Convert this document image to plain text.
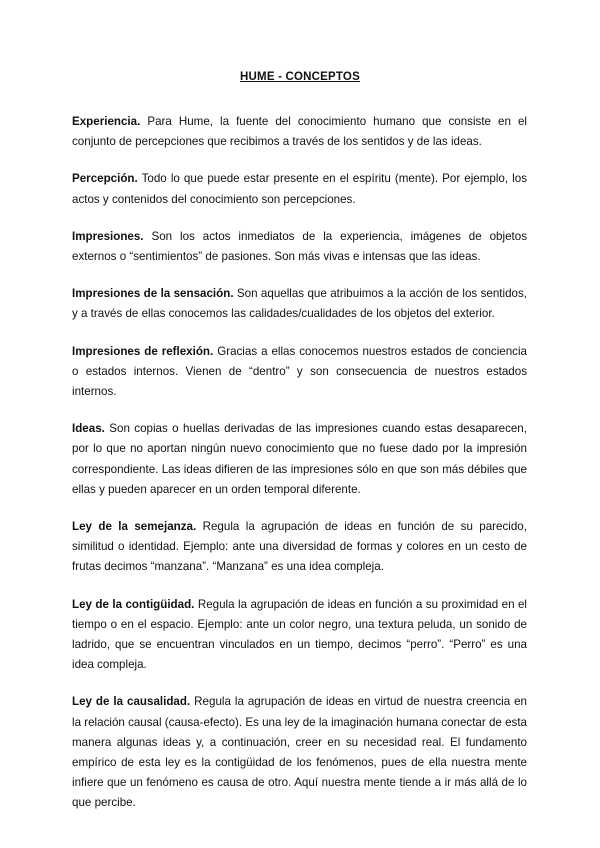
HUME - CONCEPTOS

Experiencia. Para Hume, la fuente del conocimiento humano que consiste en el conjunto de percepciones que recibimos a través de los sentidos y de las ideas.

Percepción. Todo lo que puede estar presente en el espíritu (mente). Por ejemplo, los actos y contenidos del conocimiento son percepciones.

Impresiones. Son los actos inmediatos de la experiencia, imágenes de objetos externos o “sentimientos” de pasiones. Son más vivas e intensas que las ideas.

Impresiones de la sensación. Son aquellas que atribuimos a la acción de los sentidos, y a través de ellas conocemos las calidades/cualidades de los objetos del exterior.

Impresiones de reflexión. Gracias a ellas conocemos nuestros estados de conciencia o estados internos. Vienen de “dentro” y son consecuencia de nuestros estados internos.

Ideas. Son copias o huellas derivadas de las impresiones cuando estas desaparecen, por lo que no aportan ningún nuevo conocimiento que no fuese dado por la impresión correspondiente. Las ideas difieren de las impresiones sólo en que son más débiles que ellas y pueden aparecer en un orden temporal diferente.

Ley de la semejanza. Regula la agrupación de ideas en función de su parecido, similitud o identidad. Ejemplo: ante una diversidad de formas y colores en un cesto de frutas decimos “manzana”. “Manzana” es una idea compleja.

Ley de la contigüidad. Regula la agrupación de ideas en función a su proximidad en el tiempo o en el espacio. Ejemplo: ante un color negro, una textura peluda, un sonido de ladrido, que se encuentran vinculados en un tiempo, decimos “perro”. “Perro” es una idea compleja.

Ley de la causalidad. Regula la agrupación de ideas en virtud de nuestra creencia en la relación causal (causa-efecto). Es una ley de la imaginación humana conectar de esta manera algunas ideas y, a continuación, creer en su necesidad real. El fundamento empírico de esta ley es la contigüidad de los fenómenos, pues de ella nuestra mente infiere que un fenómeno es causa de otro. Aquí nuestra mente tiende a ir más allá de lo que percibe.
